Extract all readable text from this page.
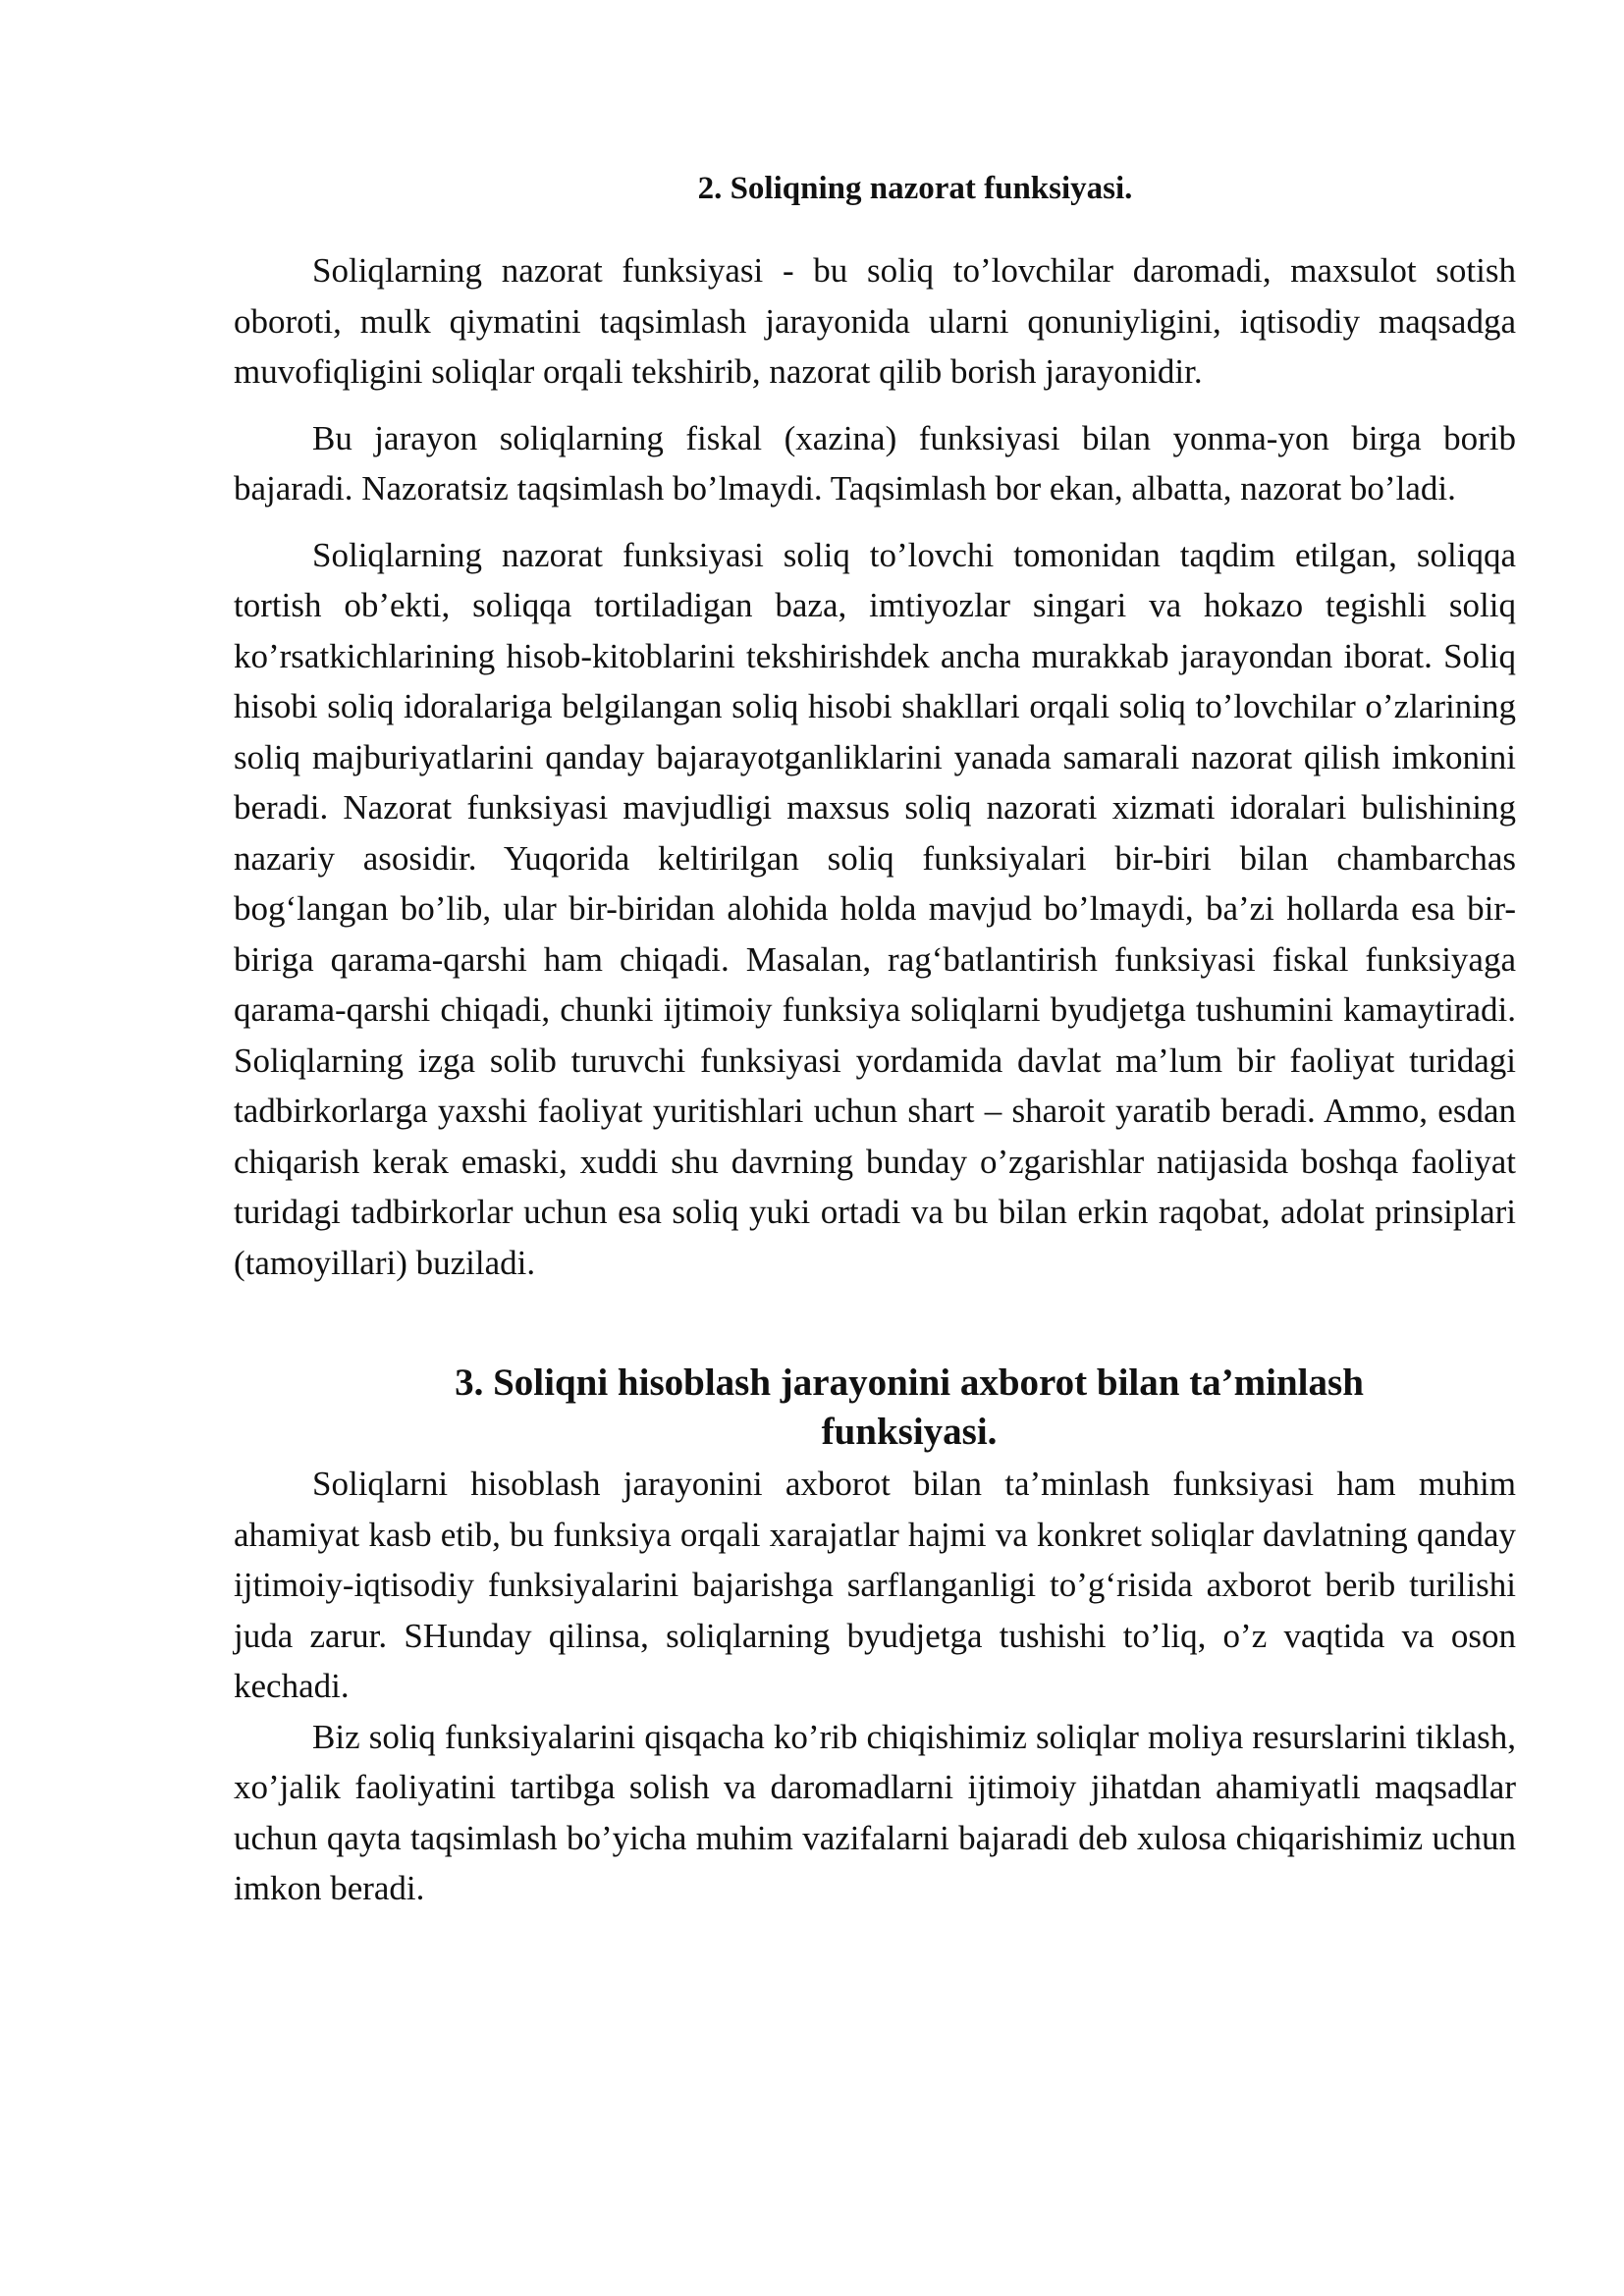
2. Soliqning nazorat funksiyasi.

Soliqlarning nazorat funksiyasi - bu soliq to’lovchilar daromadi, maxsulot sotish oboroti, mulk qiymatini taqsimlash jarayonida ularni qonuniyligini, iqtisodiy maqsadga muvofiqligini soliqlar orqali tekshirib, nazorat qilib borish jarayonidir.

Bu jarayon soliqlarning fiskal (xazina) funksiyasi bilan yonma-yon birga borib bajaradi. Nazoratsiz taqsimlash bo’lmaydi. Taqsimlash bor ekan, albatta, nazorat bo’ladi.

Soliqlarning nazorat funksiyasi soliq to’lovchi tomonidan taqdim etilgan, soliqqa tortish ob’ekti, soliqqa tortiladigan baza, imtiyozlar singari va hokazo tegishli soliq ko’rsatkichlarining hisob-kitoblarini tekshirishdek ancha murakkab jarayondan iborat. Soliq hisobi soliq idoralariga belgilangan soliq hisobi shakllari orqali soliq to’lovchilar o’zlarining soliq majburiyatlarini qanday bajarayotganliklarini yanada samarali nazorat qilish imkonini beradi. Nazorat funksiyasi mavjudligi maxsus soliq nazorati xizmati idoralari bulishining nazariy asosidir. Yuqorida keltirilgan soliq funksiyalari bir-biri bilan chambarchas bog‘langan bo’lib, ular bir-biridan alohida holda mavjud bo’lmaydi, ba’zi hollarda esa bir-biriga qarama-qarshi ham chiqadi. Masalan, rag‘batlantirish funksiyasi fiskal funksiyaga qarama-qarshi chiqadi, chunki ijtimoiy funksiya soliqlarni byudjetga tushumini kamaytiradi. Soliqlarning izga solib turuvchi funksiyasi yordamida davlat ma’lum bir faoliyat turidagi tadbirkorlarga yaxshi faoliyat yuritishlari uchun shart – sharoit yaratib beradi. Ammo, esdan chiqarish kerak emaski, xuddi shu davrning bunday o’zgarishlar natijasida boshqa faoliyat turidagi tadbirkorlar uchun esa soliq yuki ortadi va bu bilan erkin raqobat, adolat prinsiplari (tamoyillari) buziladi.

3. Soliqni hisoblash jarayonini axborot bilan ta’minlash
funksiyasi.

Soliqlarni hisoblash jarayonini axborot bilan ta’minlash funksiyasi ham muhim ahamiyat kasb etib, bu funksiya orqali xarajatlar hajmi va konkret soliqlar davlatning qanday ijtimoiy-iqtisodiy funksiyalarini bajarishga sarflanganligi to’g‘risida axborot berib turilishi juda zarur. SHunday qilinsa, soliqlarning byudjetga tushishi to’liq, o’z vaqtida va oson kechadi.

Biz soliq funksiyalarini qisqacha ko’rib chiqishimiz soliqlar moliya resurslarini tiklash, xo’jalik faoliyatini tartibga solish va daromadlarni ijtimoiy jihatdan ahamiyatli maqsadlar uchun qayta taqsimlash bo’yicha muhim vazifalarni bajaradi deb xulosa chiqarishimiz uchun imkon beradi.
